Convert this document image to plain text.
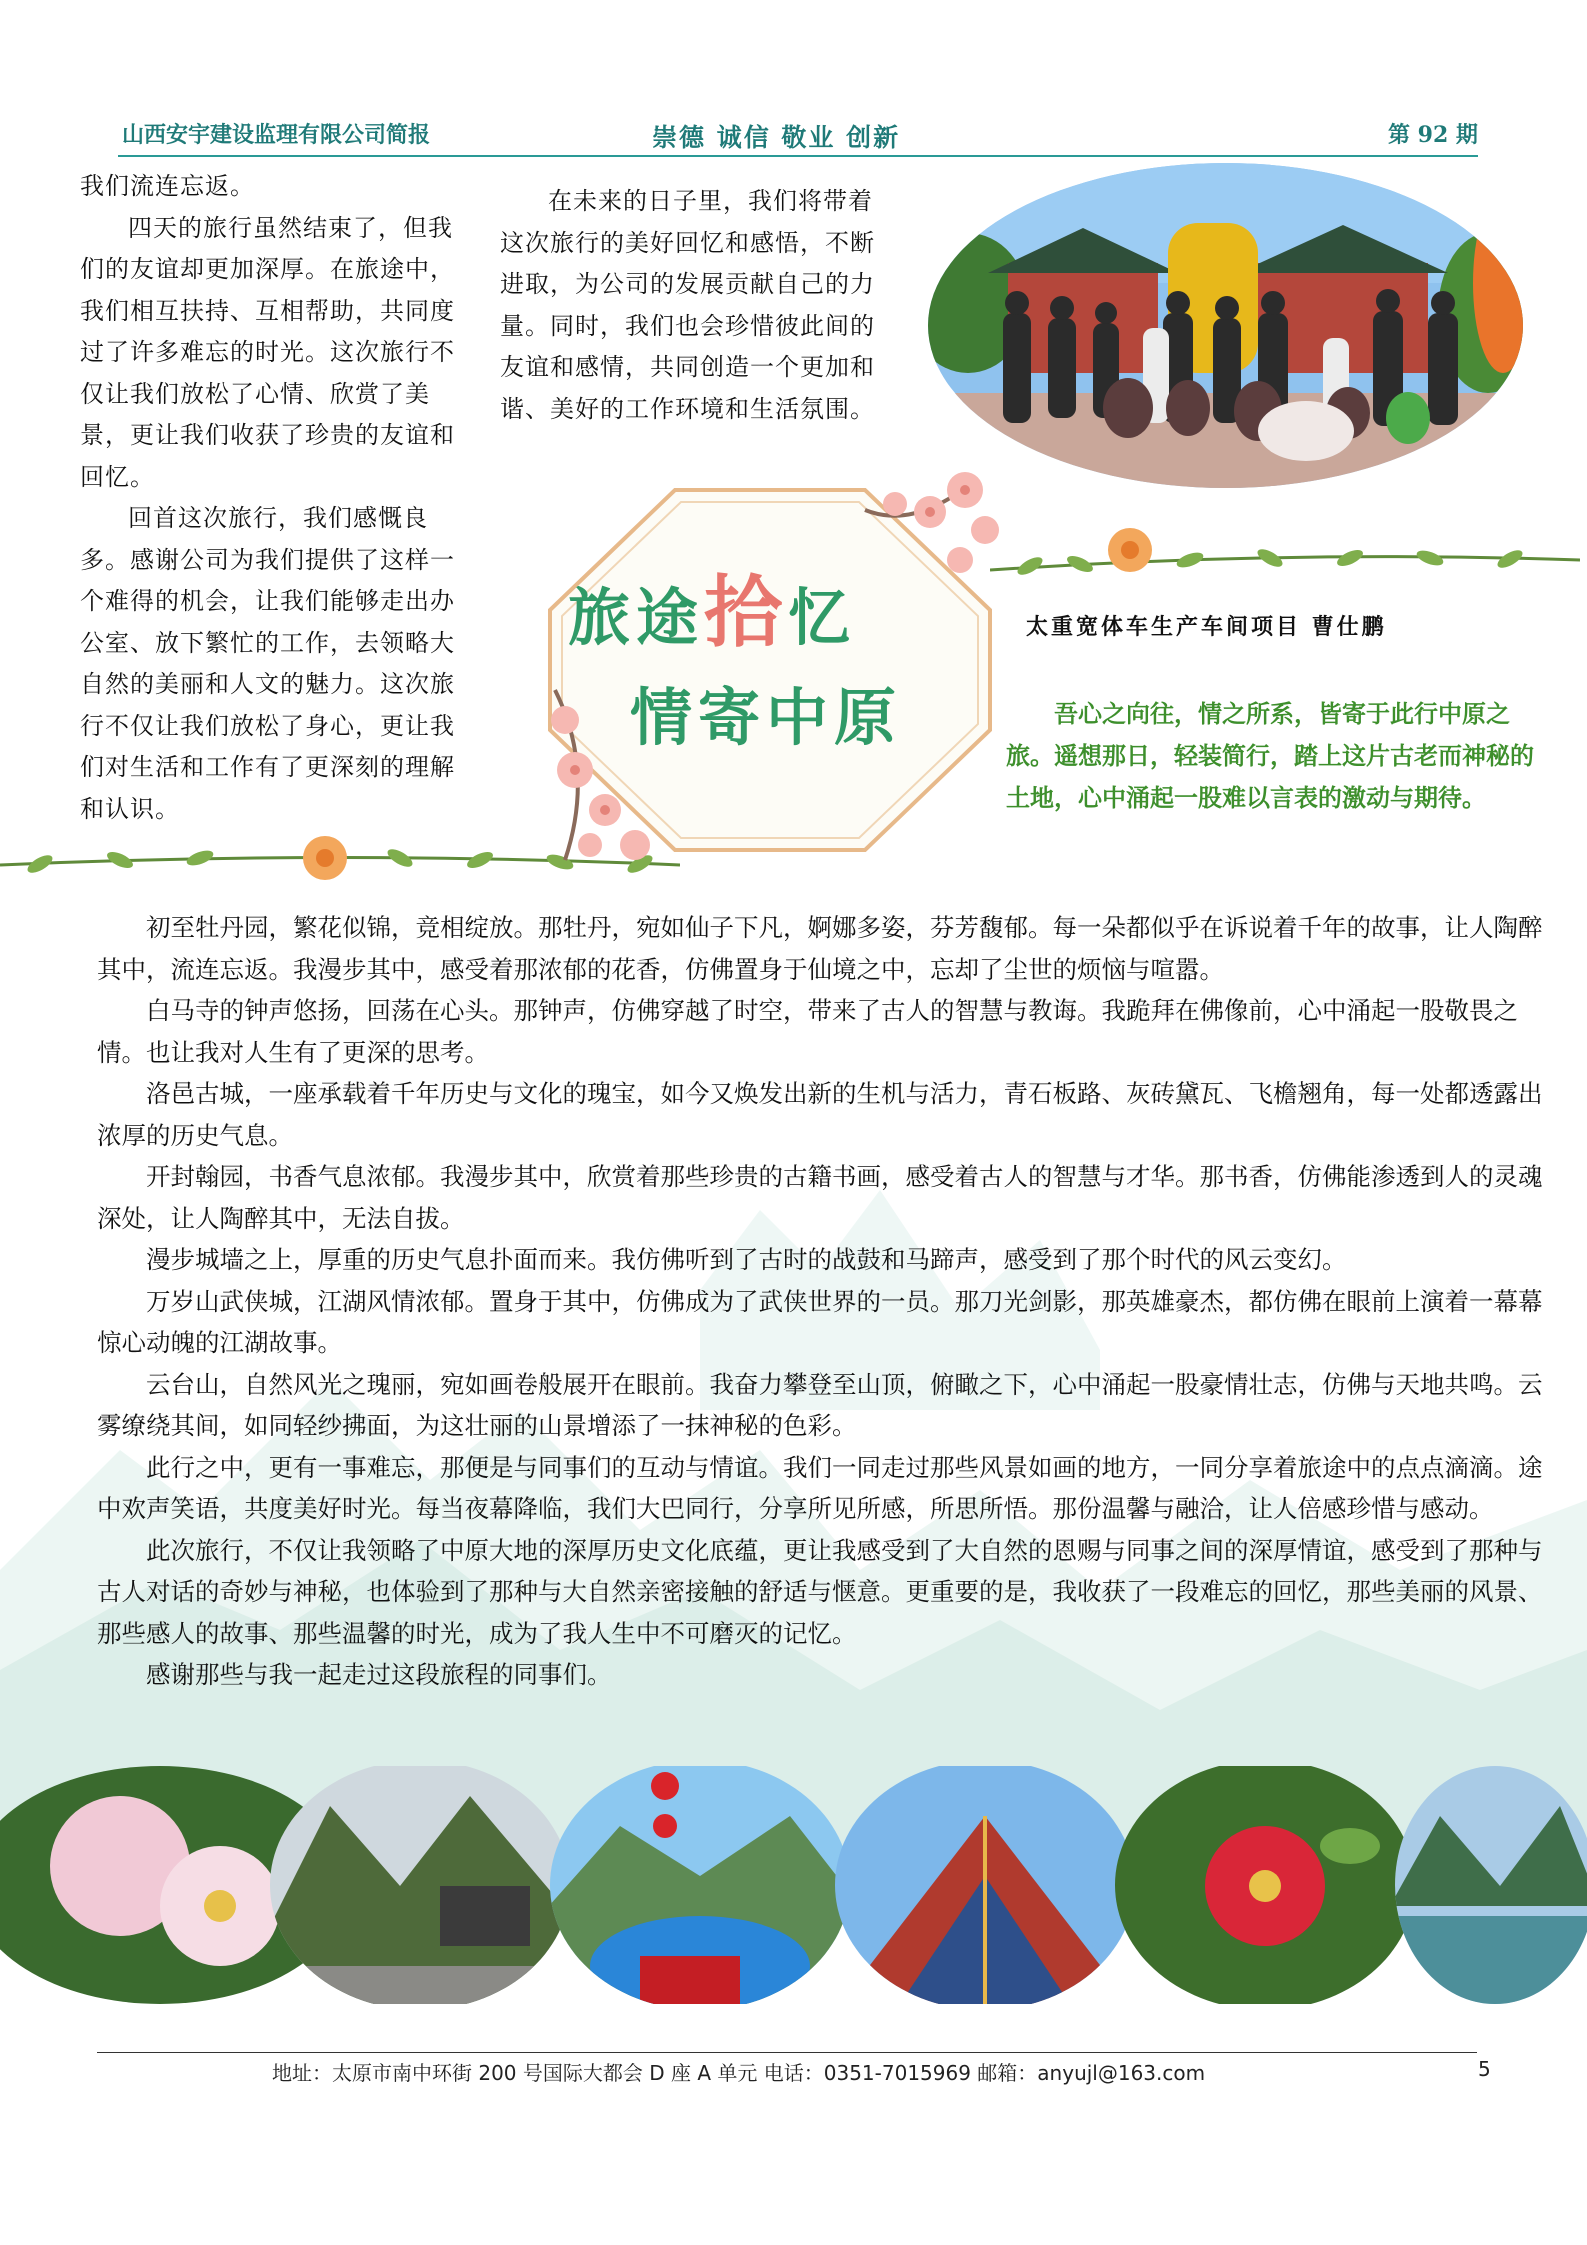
山西安宇建设监理有限公司简报	崇德 诚信 敬业 创新	第 92 期

我们流连忘返。

四天的旅行虽然结束了，但我们的友谊却更加深厚。在旅途中，我们相互扶持、互相帮助，共同度过了许多难忘的时光。这次旅行不仅让我们放松了心情、欣赏了美景，更让我们收获了珍贵的友谊和回忆。

回首这次旅行，我们感慨良多。感谢公司为我们提供了这样一个难得的机会，让我们能够走出办公室、放下繁忙的工作，去领略大自然的美丽和人文的魅力。这次旅行不仅让我们放松了身心，更让我们对生活和工作有了更深刻的理解和认识。

在未来的日子里，我们将带着这次旅行的美好回忆和感悟，不断进取，为公司的发展贡献自己的力量。同时，我们也会珍惜彼此间的友谊和感情，共同创造一个更加和谐、美好的工作环境和生活氛围。

旅途拾忆
情寄中原
太重宽体车生产车间项目 曹仕鹏
吾心之向往，情之所系，皆寄于此行中原之旅。遥想那日，轻装简行，踏上这片古老而神秘的土地，心中涌起一股难以言表的激动与期待。

初至牡丹园，繁花似锦，竞相绽放。那牡丹，宛如仙子下凡，婀娜多姿，芬芳馥郁。每一朵都似乎在诉说着千年的故事，让人陶醉其中，流连忘返。我漫步其中，感受着那浓郁的花香，仿佛置身于仙境之中，忘却了尘世的烦恼与喧嚣。

白马寺的钟声悠扬，回荡在心头。那钟声，仿佛穿越了时空，带来了古人的智慧与教诲。我跪拜在佛像前，心中涌起一股敬畏之情。也让我对人生有了更深的思考。

洛邑古城，一座承载着千年历史与文化的瑰宝，如今又焕发出新的生机与活力，青石板路、灰砖黛瓦、飞檐翘角，每一处都透露出浓厚的历史气息。

开封翰园，书香气息浓郁。我漫步其中，欣赏着那些珍贵的古籍书画，感受着古人的智慧与才华。那书香，仿佛能渗透到人的灵魂深处，让人陶醉其中，无法自拔。

漫步城墙之上，厚重的历史气息扑面而来。我仿佛听到了古时的战鼓和马蹄声，感受到了那个时代的风云变幻。

万岁山武侠城，江湖风情浓郁。置身于其中，仿佛成为了武侠世界的一员。那刀光剑影，那英雄豪杰，都仿佛在眼前上演着一幕幕惊心动魄的江湖故事。

云台山，自然风光之瑰丽，宛如画卷般展开在眼前。我奋力攀登至山顶，俯瞰之下，心中涌起一股豪情壮志，仿佛与天地共鸣。云雾缭绕其间，如同轻纱拂面，为这壮丽的山景增添了一抹神秘的色彩。

此行之中，更有一事难忘，那便是与同事们的互动与情谊。我们一同走过那些风景如画的地方，一同分享着旅途中的点点滴滴。途中欢声笑语，共度美好时光。每当夜幕降临，我们大巴同行，分享所见所感，所思所悟。那份温馨与融洽，让人倍感珍惜与感动。

此次旅行，不仅让我领略了中原大地的深厚历史文化底蕴，更让我感受到了大自然的恩赐与同事之间的深厚情谊，感受到了那种与古人对话的奇妙与神秘，也体验到了那种与大自然亲密接触的舒适与惬意。更重要的是，我收获了一段难忘的回忆，那些美丽的风景、那些感人的故事、那些温馨的时光，成为了我人生中不可磨灭的记忆。

感谢那些与我一起走过这段旅程的同事们。

地址：太原市南中环街 200 号国际大都会 D 座 A 单元 电话：0351-7015969 邮箱：anyujl@163.com	5
